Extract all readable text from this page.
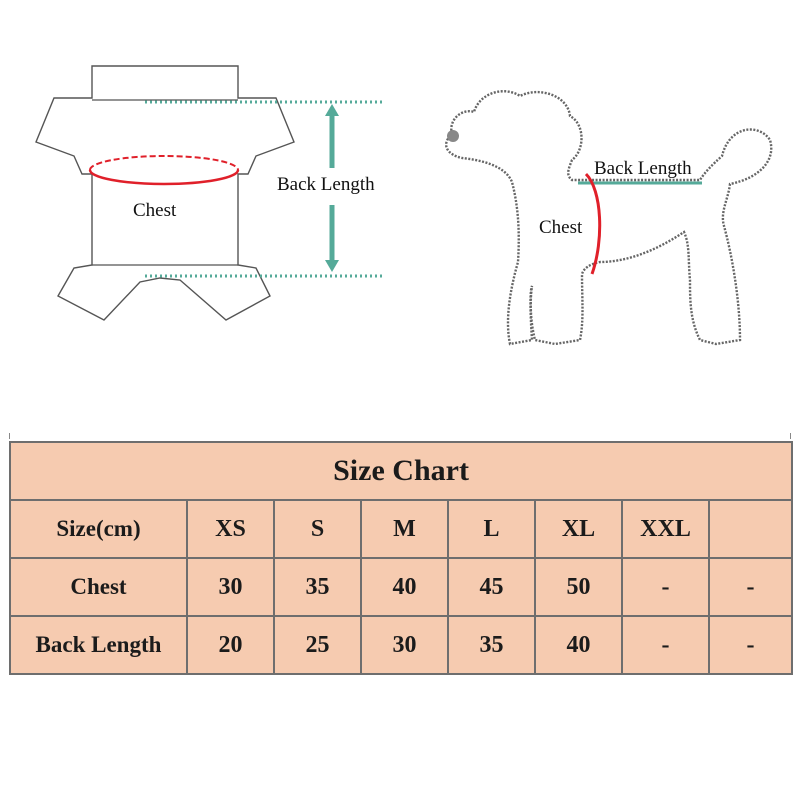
Chest
Back Length
Back Length
Chest
Size Chart							
Size(cm)	XS	S	M	L	XL	XXL	
Chest	30	35	40	45	50	-	-
Back Length	20	25	30	35	40	-	-
